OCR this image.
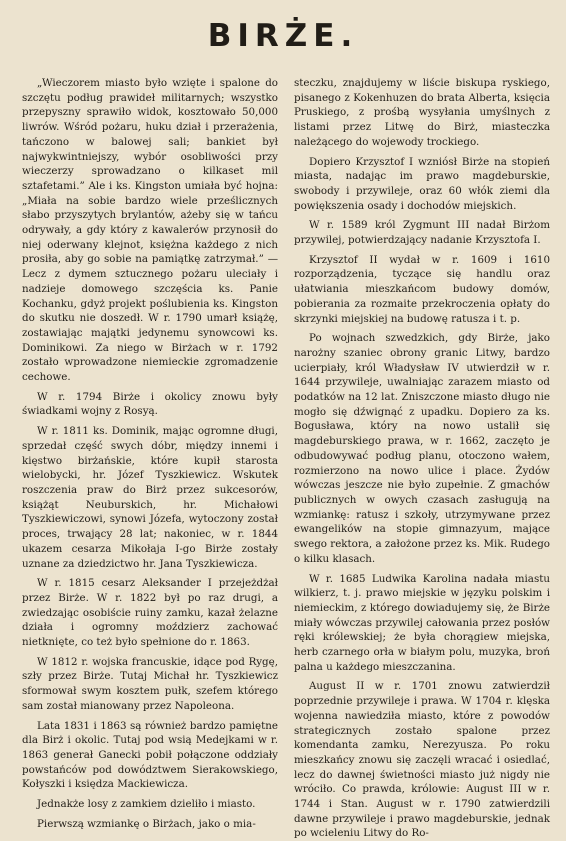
BIRŻE.

„Wieczorem miasto było wzięte i spalone do szczętu podług prawideł militarnych; wszystko przepyszny sprawiło widok, kosztowało 50,000 liwrów. Wśród pożaru, huku dział i przerażenia, tańczono w balowej sali; bankiet był najwykwintniejszy, wybór osobliwości przy wieczerzy sprowadzano o kilkaset mil sztafetami.” Ale i ks. Kingston umiała być hojna: „Miała na sobie bardzo wiele prześlicznych słabo przyszytych brylantów, ażeby się w tańcu odrywały, a gdy który z kawalerów przynosił do niej oderwany klejnot, księżna każdego z nich prosiła, aby go sobie na pamiątkę zatrzymał.” — Lecz z dymem sztucznego pożaru uleciały i nadzieje domowego szczęścia ks. Panie Kochanku, gdyż projekt poślubienia ks. Kingston do skutku nie doszedł. W r. 1790 umarł książę, zostawiając majątki jedynemu synowcowi ks. Dominikowi. Za niego w Birżach w r. 1792 zostało wprowadzone niemieckie zgromadzenie cechowe.

W r. 1794 Birże i okolicy znowu były świadkami wojny z Rosyą.

W r. 1811 ks. Dominik, mając ogromne długi, sprzedał część swych dóbr, między innemi i kięstwo birżańskie, które kupił starosta wielobycki, hr. Józef Tyszkiewicz. Wskutek roszczenia praw do Birż przez sukcesorów, książąt Neuburskich, hr. Michałowi Tyszkiewiczowi, synowi Józefa, wytoczony został proces, trwający 28 lat; nakoniec, w r. 1844 ukazem cesarza Mikołaja I-go Birże zostały uznane za dziedzictwo hr. Jana Tyszkiewicza.

W r. 1815 cesarz Aleksander I przejeżdżał przez Birże. W r. 1822 był po raz drugi, a zwiedzając osobiście ruiny zamku, kazał żelazne działa i ogromny moździerz zachować nietknięte, co też było spełnione do r. 1863.

W 1812 r. wojska francuskie, idące pod Rygę, szły przez Birże. Tutaj Michał hr. Tyszkiewicz sformował swym kosztem pułk, szefem którego sam został mianowany przez Napoleona.

Lata 1831 i 1863 są również bardzo pamiętne dla Birż i okolic. Tutaj pod wsią Medejkami w r. 1863 generał Ganecki pobił połączone oddziały powstańców pod dowództwem Sierakowskiego, Kołyszki i księdza Mackiewicza.

Jednakże losy z zamkiem dzieliło i miasto.

Pierwszą wzmiankę o Birżach, jako o mia-

steczku, znajdujemy w liście biskupa ryskiego, pisanego z Kokenhuzen do brata Alberta, księcia Pruskiego, z prośbą wysyłania umyślnych z listami przez Litwę do Birż, miasteczka należącego do wojewody trockiego.

Dopiero Krzysztof I wzniósł Birże na stopień miasta, nadając im prawo magdeburskie, swobody i przywileje, oraz 60 włók ziemi dla powiększenia osady i dochodów miejskich.

W r. 1589 król Zygmunt III nadał Birżom przywilej, potwierdzający nadanie Krzysztofa I.

Krzysztof II wydał w r. 1609 i 1610 rozporządzenia, tyczące się handlu oraz ułatwiania mieszkańcom budowy domów, pobierania za rozmaite przekroczenia opłaty do skrzynki miejskiej na budowę ratusza i t. p.

Po wojnach szwedzkich, gdy Birże, jako narożny szaniec obrony granic Litwy, bardzo ucierpiały, król Władysław IV utwierdził w r. 1644 przywileje, uwalniając zarazem miasto od podatków na 12 lat. Zniszczone miasto długo nie mogło się dźwignąć z upadku. Dopiero za ks. Bogusława, który na nowo ustalił się magdeburskiego prawa, w r. 1662, zaczęto je odbudowywać podług planu, otoczono wałem, rozmierzono na nowo ulice i place. Żydów wówczas jeszcze nie było zupełnie. Z gmachów publicznych w owych czasach zasługują na wzmiankę: ratusz i szkoły, utrzymywane przez ewangelików na stopie gimnazyum, mające swego rektora, a założone przez ks. Mik. Rudego o kilku klasach.

W r. 1685 Ludwika Karolina nadała miastu wilkierz, t. j. prawo miejskie w języku polskim i niemieckim, z którego dowiadujemy się, że Birże miały wówczas przywilej całowania przez posłów ręki królewskiej; że była chorągiew miejska, herb czarnego orła w białym polu, muzyka, broń palna u każdego mieszczanina.

August II w r. 1701 znowu zatwierdził poprzednie przywileje i prawa. W 1704 r. klęska wojenna nawiedziła miasto, które z powodów strategicznych zostało spalone przez komendanta zamku, Nerezyusza. Po roku mieszkańcy znowu się zaczęli wracać i osiedlać, lecz do dawnej świetności miasto już nigdy nie wróciło. Co prawda, królowie: August III w r. 1744 i Stan. August w r. 1790 zatwierdzili dawne przywileje i prawo magdeburskie, jednak po wcieleniu Litwy do Ro-
